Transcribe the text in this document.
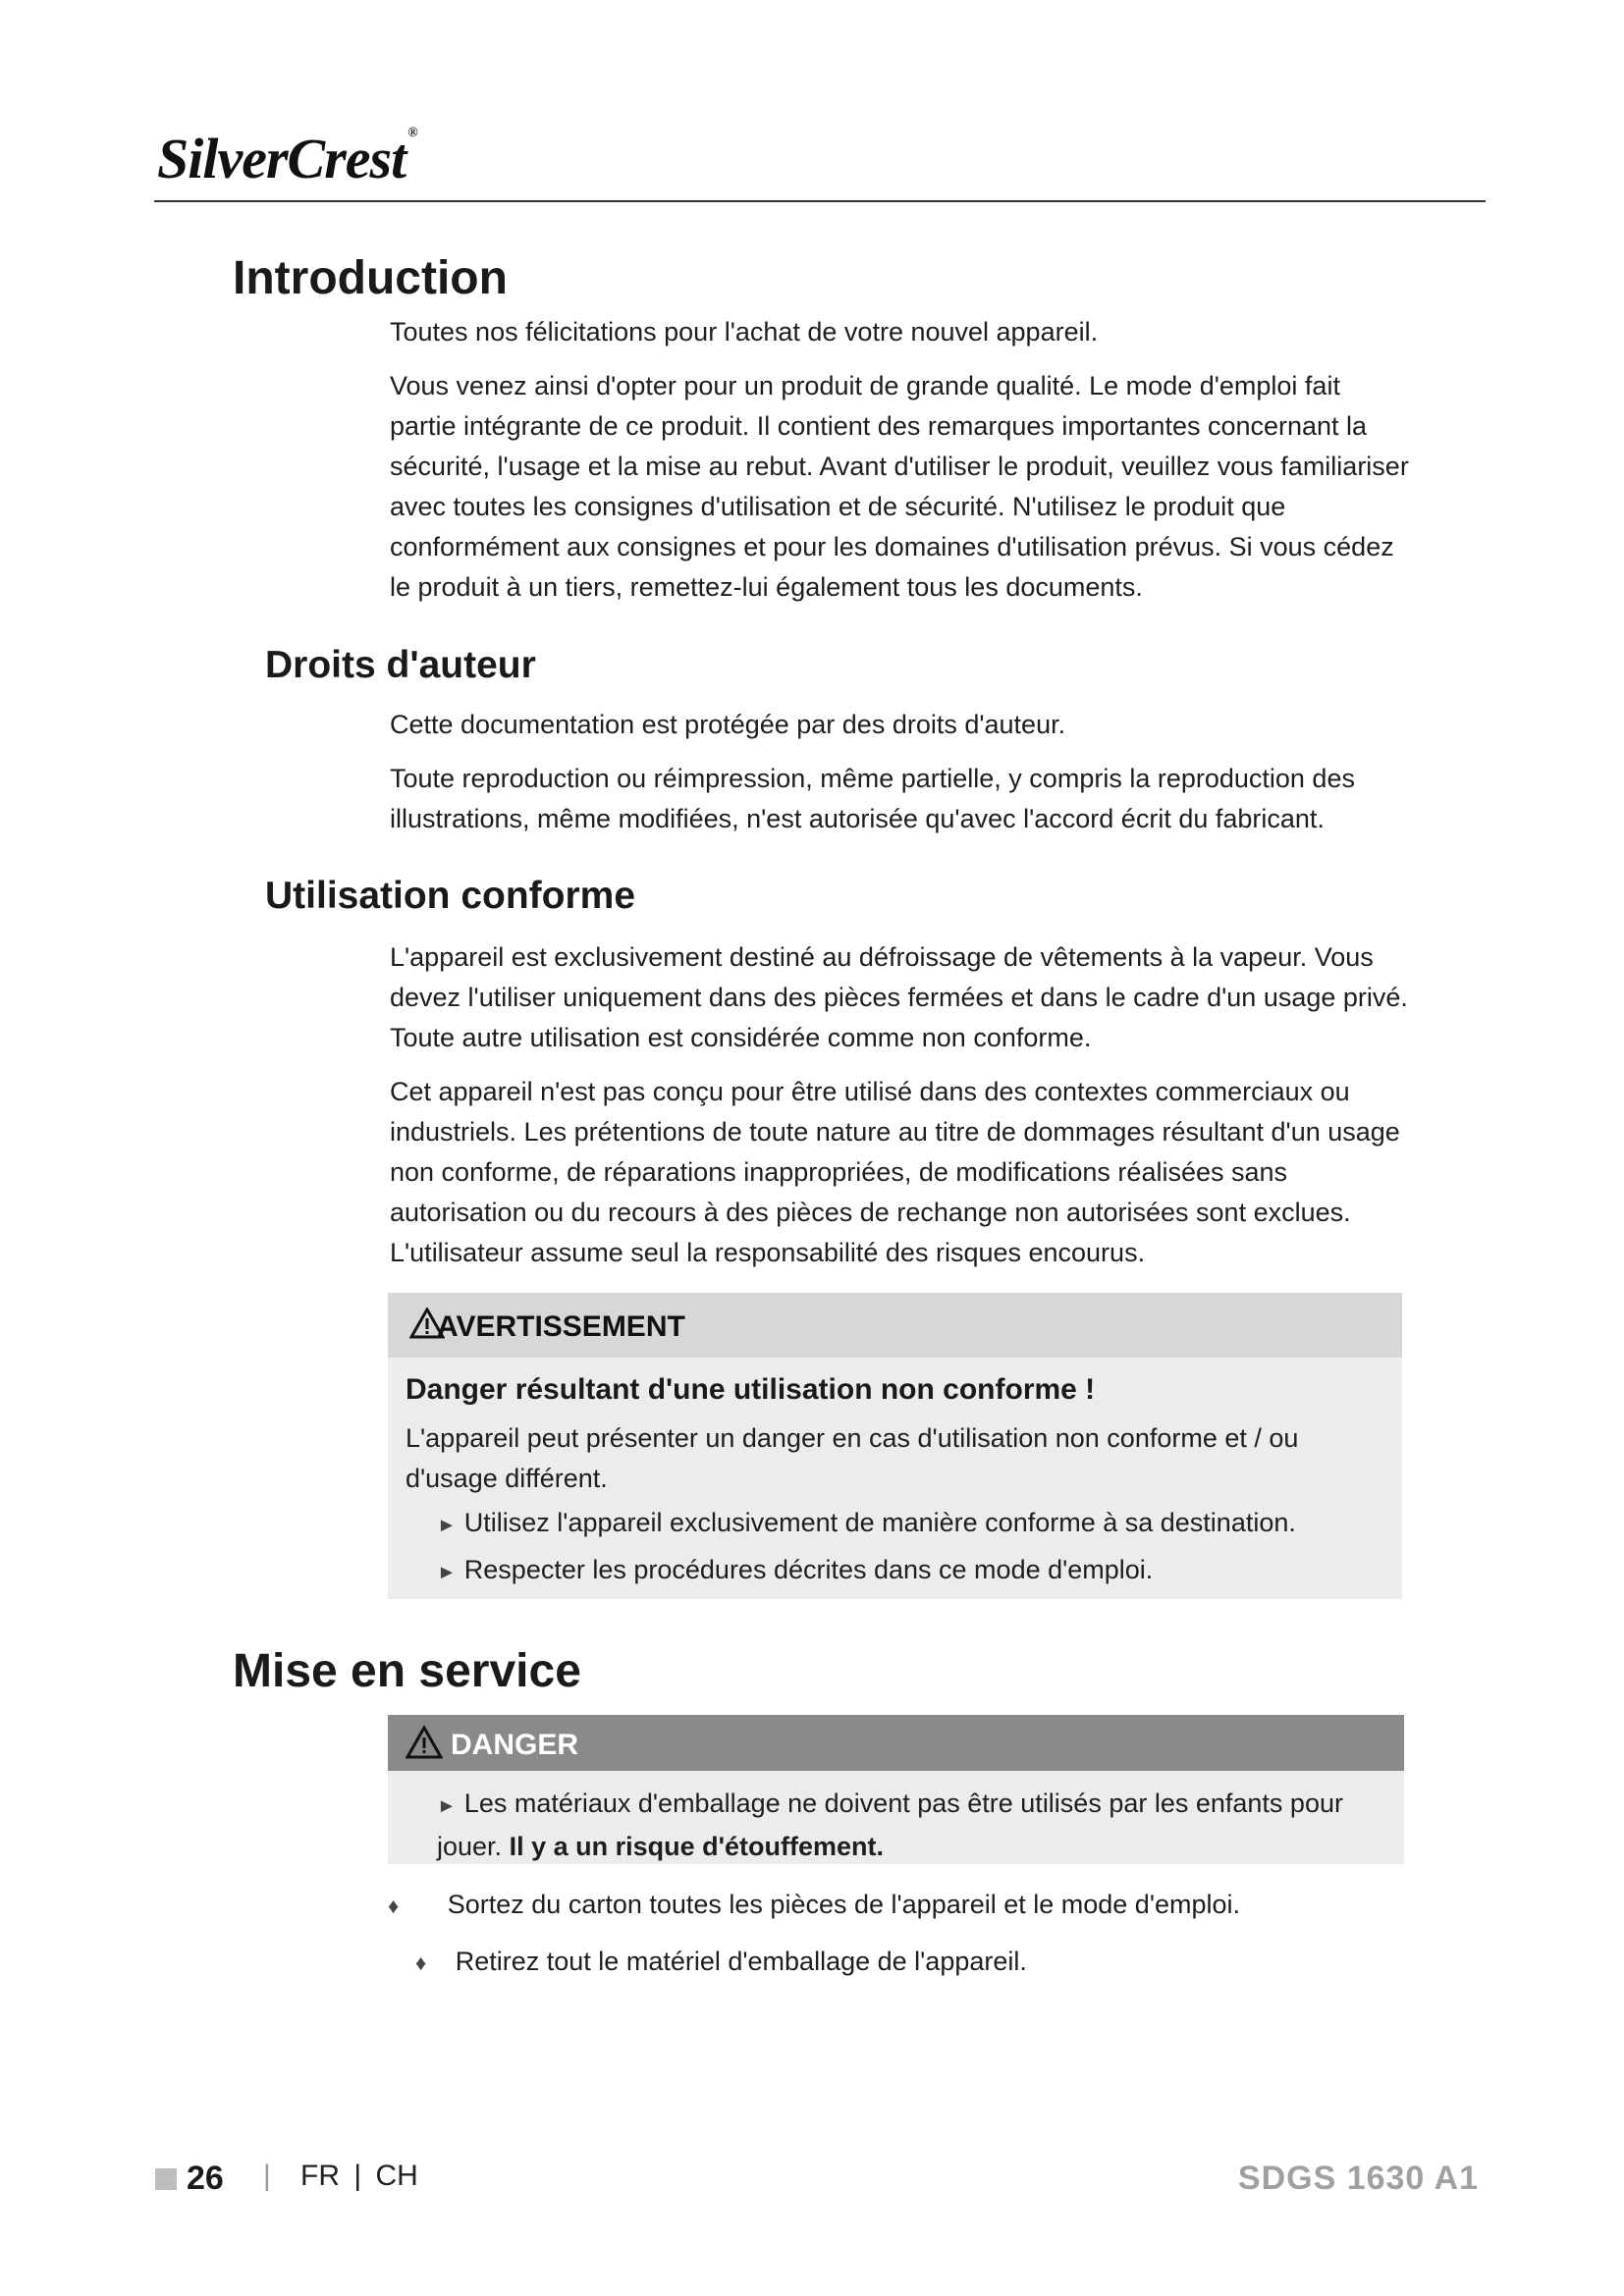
SilverCrest ®
Introduction

Toutes nos félicitations pour l'achat de votre nouvel appareil.

Vous venez ainsi d'opter pour un produit de grande qualité. Le mode d'emploi fait partie intégrante de ce produit. Il contient des remarques importantes concernant la sécurité, l'usage et la mise au rebut. Avant d'utiliser le produit, veuillez vous familiariser avec toutes les consignes d'utilisation et de sécurité. N'utilisez le produit que conformément aux consignes et pour les domaines d'utilisation prévus. Si vous cédez le produit à un tiers, remettez-lui également tous les documents.

Droits d'auteur

Cette documentation est protégée par des droits d'auteur.

Toute reproduction ou réimpression, même partielle, y compris la reproduction des illustrations, même modifiées, n'est autorisée qu'avec l'accord écrit du fabricant.

Utilisation conforme

L'appareil est exclusivement destiné au défroissage de vêtements à la vapeur. Vous devez l'utiliser uniquement dans des pièces fermées et dans le cadre d'un usage privé. Toute autre utilisation est considérée comme non conforme.

Cet appareil n'est pas conçu pour être utilisé dans des contextes commerciaux ou industriels. Les prétentions de toute nature au titre de dommages résultant d'un usage non conforme, de réparations inappropriées, de modifications réalisées sans autorisation ou du recours à des pièces de rechange non autorisées sont exclues. L'utilisateur assume seul la responsabilité des risques encourus.

AVERTISSEMENT
Danger résultant d'une utilisation non conforme !
L'appareil peut présenter un danger en cas d'utilisation non conforme et / ou d'usage différent.
► Utilisez l'appareil exclusivement de manière conforme à sa destination.
► Respecter les procédures décrites dans ce mode d'emploi.
Mise en service
DANGER
► Les matériaux d'emballage ne doivent pas être utilisés par les enfants pour jouer. Il y a un risque d'étouffement.
♦ Sortez du carton toutes les pièces de l'appareil et le mode d'emploi.
♦ Retirez tout le matériel d'emballage de l'appareil.
26 | FR | CH	SDGS 1630 A1
